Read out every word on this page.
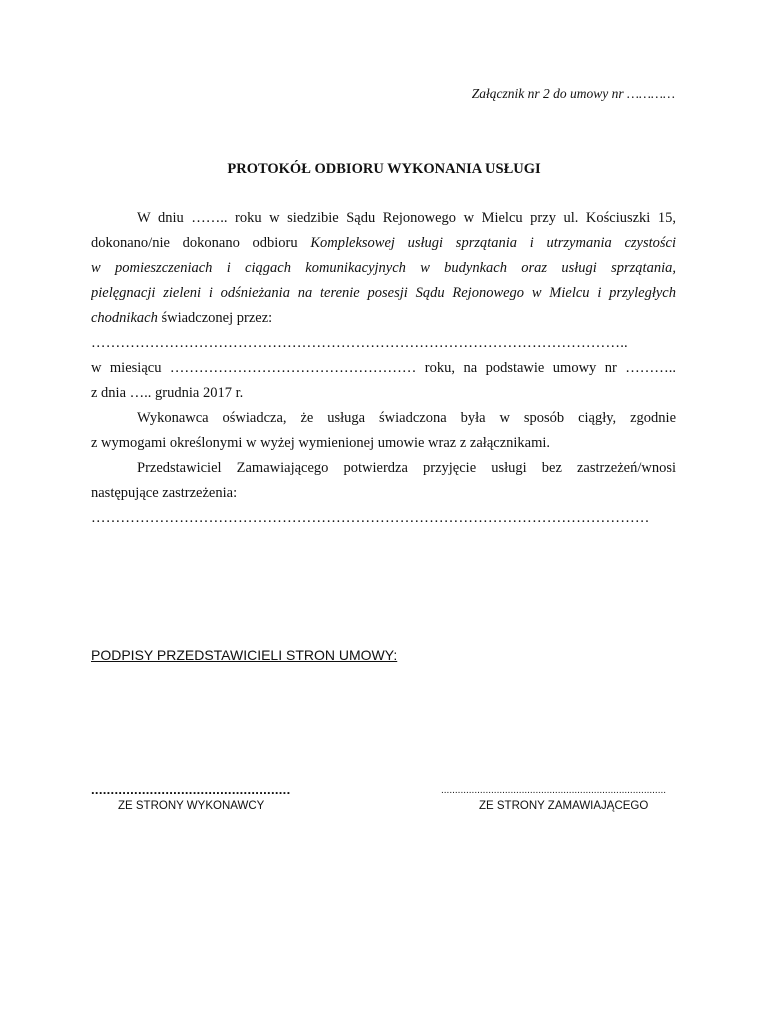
Załącznik nr 2 do umowy nr …………
PROTOKÓŁ ODBIORU WYKONANIA USŁUGI
W dniu …….. roku w siedzibie Sądu Rejonowego w Mielcu przy ul. Kościuszki 15,
dokonano/nie dokonano odbioru Kompleksowej usługi sprzątania i utrzymania czystości
w pomieszczeniach i ciągach komunikacyjnych w budynkach oraz usługi sprzątania,
pielęgnacji zieleni i odśnieżania na terenie posesji Sądu Rejonowego w Mielcu i przyległych
chodnikach świadczonej przez:
………………………………………………………………………………………………..
w miesiącu …………………………………………… roku, na podstawie umowy nr ………..
z dnia ….. grudnia 2017 r.
Wykonawca oświadcza, że usługa świadczona była w sposób ciągły, zgodnie
z wymogami określonymi w wyżej wymienionej umowie wraz z załącznikami.
Przedstawiciel Zamawiającego potwierdza przyjęcie usługi bez zastrzeżeń/wnosi
następujące zastrzeżenia:
……………………………………………………………………………………………………
PODPISY PRZEDSTAWICIELI STRON UMOWY:
...................................................	.................................................................................
ZE STRONY WYKONAWCY	ZE STRONY ZAMAWIAJĄCEGO
